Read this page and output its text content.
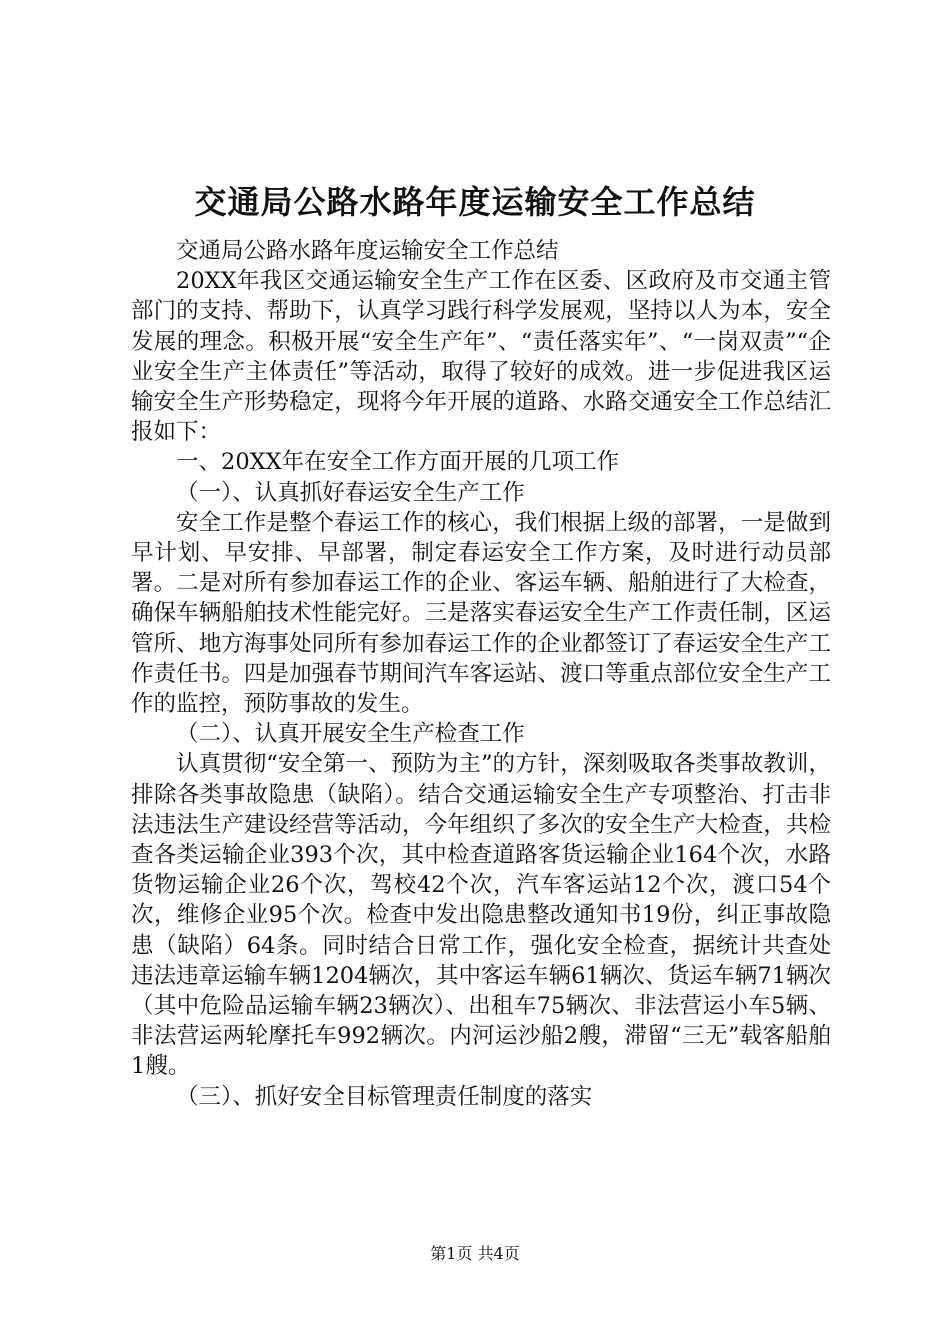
交通局公路水路年度运输安全工作总结

交通局公路水路年度运输安全工作总结

20XX年我区交通运输安全生产工作在区委、区政府及市交通主管部门的支持、帮助下，认真学习践行科学发展观，坚持以人为本，安全发展的理念。积极开展“安全生产年”、“责任落实年”、“一岗双责”“企业安全生产主体责任”等活动，取得了较好的成效。进一步促进我区运输安全生产形势稳定，现将今年开展的道路、水路交通安全工作总结汇报如下：

一、20XX年在安全工作方面开展的几项工作

（一）、认真抓好春运安全生产工作

安全工作是整个春运工作的核心，我们根据上级的部署，一是做到早计划、早安排、早部署，制定春运安全工作方案，及时进行动员部署。二是对所有参加春运工作的企业、客运车辆、船舶进行了大检查，确保车辆船舶技术性能完好。三是落实春运安全生产工作责任制，区运管所、地方海事处同所有参加春运工作的企业都签订了春运安全生产工作责任书。四是加强春节期间汽车客运站、渡口等重点部位安全生产工作的监控，预防事故的发生。

（二）、认真开展安全生产检查工作

认真贯彻“安全第一、预防为主”的方针，深刻吸取各类事故教训，排除各类事故隐患（缺陷）。结合交通运输安全生产专项整治、打击非法违法生产建设经营等活动，今年组织了多次的安全生产大检查，共检查各类运输企业393个次，其中检查道路客货运输企业164个次，水路货物运输企业26个次，驾校42个次，汽车客运站12个次，渡口54个次，维修企业95个次。检查中发出隐患整改通知书19份，纠正事故隐患（缺陷）64条。同时结合日常工作，强化安全检查，据统计共查处违法违章运输车辆1204辆次，其中客运车辆61辆次、货运车辆71辆次（其中危险品运输车辆23辆次）、出租车75辆次、非法营运小车5辆、非法营运两轮摩托车992辆次。内河运沙船2艘，滞留“三无”载客船舶1艘。

（三）、抓好安全目标管理责任制度的落实

第1页 共4页
